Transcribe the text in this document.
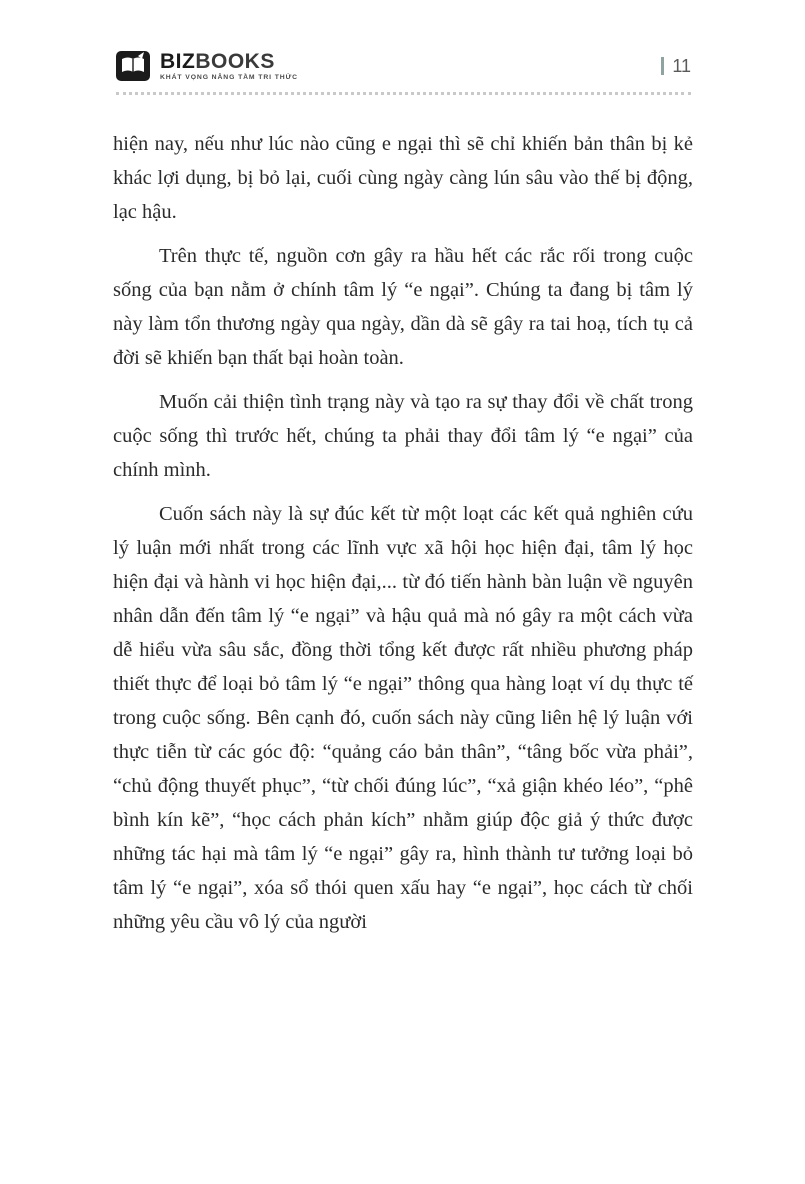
BIZBOOKS
KHÁT VỌNG NÂNG TẦM TRI THỨC
11

hiện nay, nếu như lúc nào cũng e ngại thì sẽ chỉ khiến bản thân bị kẻ khác lợi dụng, bị bỏ lại, cuối cùng ngày càng lún sâu vào thế bị động, lạc hậu.

Trên thực tế, nguồn cơn gây ra hầu hết các rắc rối trong cuộc sống của bạn nằm ở chính tâm lý “e ngại”. Chúng ta đang bị tâm lý này làm tổn thương ngày qua ngày, dần dà sẽ gây ra tai hoạ, tích tụ cả đời sẽ khiến bạn thất bại hoàn toàn.

Muốn cải thiện tình trạng này và tạo ra sự thay đổi về chất trong cuộc sống thì trước hết, chúng ta phải thay đổi tâm lý “e ngại” của chính mình.

Cuốn sách này là sự đúc kết từ một loạt các kết quả nghiên cứu lý luận mới nhất trong các lĩnh vực xã hội học hiện đại, tâm lý học hiện đại và hành vi học hiện đại,... từ đó tiến hành bàn luận về nguyên nhân dẫn đến tâm lý “e ngại” và hậu quả mà nó gây ra một cách vừa dễ hiểu vừa sâu sắc, đồng thời tổng kết được rất nhiều phương pháp thiết thực để loại bỏ tâm lý “e ngại” thông qua hàng loạt ví dụ thực tế trong cuộc sống. Bên cạnh đó, cuốn sách này cũng liên hệ lý luận với thực tiễn từ các góc độ: “quảng cáo bản thân”, “tâng bốc vừa phải”, “chủ động thuyết phục”, “từ chối đúng lúc”, “xả giận khéo léo”, “phê bình kín kẽ”, “học cách phản kích” nhằm giúp độc giả ý thức được những tác hại mà tâm lý “e ngại” gây ra, hình thành tư tưởng loại bỏ tâm lý “e ngại”, xóa sổ thói quen xấu hay “e ngại”, học cách từ chối những yêu cầu vô lý của người
